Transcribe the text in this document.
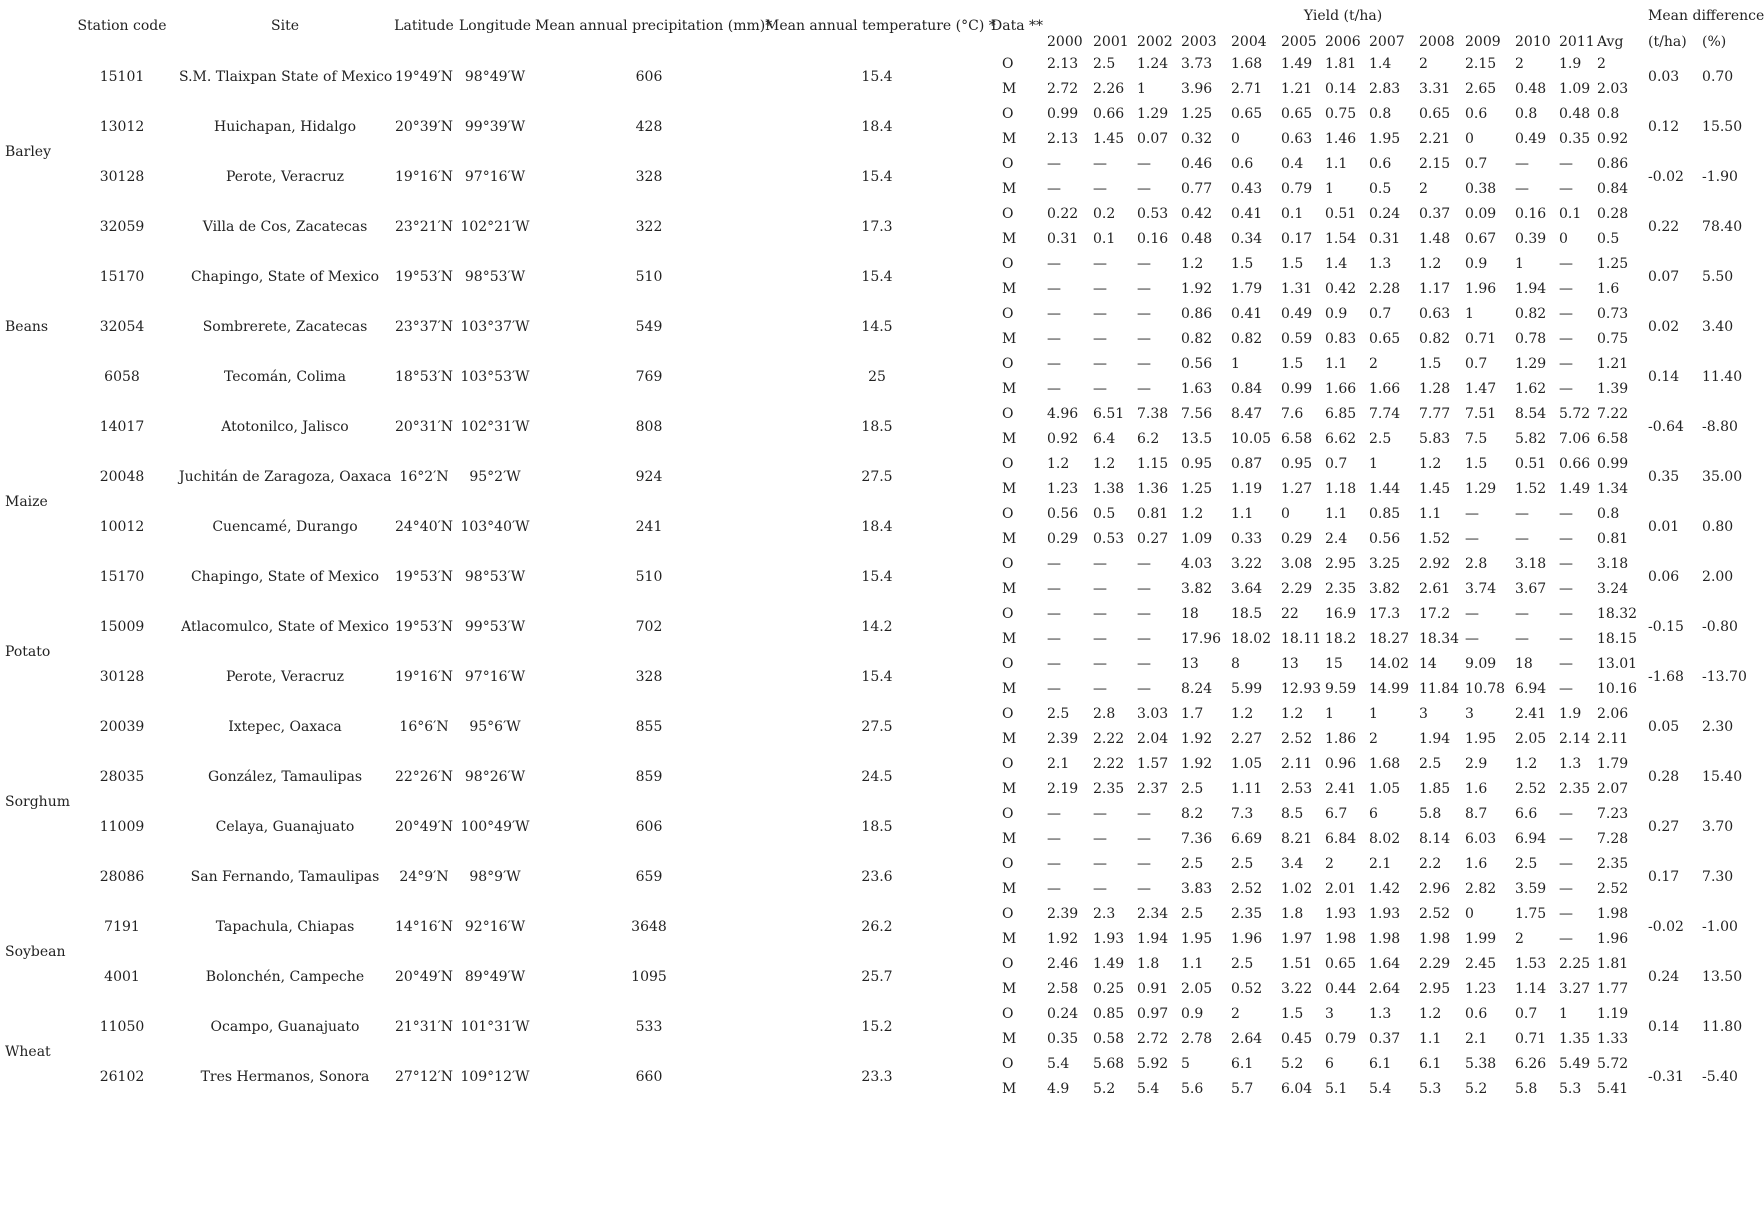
	Station code	Site	Latitude	Longitude	Mean annual precipitation (mm)*	Mean annual temperature (°C) *	Data **	Yield (t/ha)													Mean difference	
								2000	2001	2002	2003	2004	2005	2006	2007	2008	2009	2010	2011	Avg	(t/ha)	(%)
Barley	15101	S.M. Tlaixpan State of Mexico	19°49′N	98°49′W	606	15.4	O	2.13	2.5	1.24	3.73	1.68	1.49	1.81	1.4	2	2.15	2	1.9	2	0.03	0.70
							M	2.72	2.26	1	3.96	2.71	1.21	0.14	2.83	3.31	2.65	0.48	1.09	2.03		
	13012	Huichapan, Hidalgo	20°39′N	99°39′W	428	18.4	O	0.99	0.66	1.29	1.25	0.65	0.65	0.75	0.8	0.65	0.6	0.8	0.48	0.8	0.12	15.50
							M	2.13	1.45	0.07	0.32	0	0.63	1.46	1.95	2.21	0	0.49	0.35	0.92		
	30128	Perote, Veracruz	19°16′N	97°16′W	328	15.4	O	—	—	—	0.46	0.6	0.4	1.1	0.6	2.15	0.7	—	—	0.86	-0.02	-1.90
							M	—	—	—	0.77	0.43	0.79	1	0.5	2	0.38	—	—	0.84		
	32059	Villa de Cos, Zacatecas	23°21′N	102°21′W	322	17.3	O	0.22	0.2	0.53	0.42	0.41	0.1	0.51	0.24	0.37	0.09	0.16	0.1	0.28	0.22	78.40
							M	0.31	0.1	0.16	0.48	0.34	0.17	1.54	0.31	1.48	0.67	0.39	0	0.5		
Beans	15170	Chapingo, State of Mexico	19°53′N	98°53′W	510	15.4	O	—	—	—	1.2	1.5	1.5	1.4	1.3	1.2	0.9	1	—	1.25	0.07	5.50
							M	—	—	—	1.92	1.79	1.31	0.42	2.28	1.17	1.96	1.94	—	1.6		
	32054	Sombrerete, Zacatecas	23°37′N	103°37′W	549	14.5	O	—	—	—	0.86	0.41	0.49	0.9	0.7	0.63	1	0.82	—	0.73	0.02	3.40
							M	—	—	—	0.82	0.82	0.59	0.83	0.65	0.82	0.71	0.78	—	0.75		
	6058	Tecomán, Colima	18°53′N	103°53′W	769	25	O	—	—	—	0.56	1	1.5	1.1	2	1.5	0.7	1.29	—	1.21	0.14	11.40
							M	—	—	—	1.63	0.84	0.99	1.66	1.66	1.28	1.47	1.62	—	1.39		
Maize	14017	Atotonilco, Jalisco	20°31′N	102°31′W	808	18.5	O	4.96	6.51	7.38	7.56	8.47	7.6	6.85	7.74	7.77	7.51	8.54	5.72	7.22	-0.64	-8.80
							M	0.92	6.4	6.2	13.5	10.05	6.58	6.62	2.5	5.83	7.5	5.82	7.06	6.58		
	20048	Juchitán de Zaragoza, Oaxaca	16°2′N	95°2′W	924	27.5	O	1.2	1.2	1.15	0.95	0.87	0.95	0.7	1	1.2	1.5	0.51	0.66	0.99	0.35	35.00
							M	1.23	1.38	1.36	1.25	1.19	1.27	1.18	1.44	1.45	1.29	1.52	1.49	1.34		
	10012	Cuencamé, Durango	24°40′N	103°40′W	241	18.4	O	0.56	0.5	0.81	1.2	1.1	0	1.1	0.85	1.1	—	—	—	0.8	0.01	0.80
							M	0.29	0.53	0.27	1.09	0.33	0.29	2.4	0.56	1.52	—	—	—	0.81		
	15170	Chapingo, State of Mexico	19°53′N	98°53′W	510	15.4	O	—	—	—	4.03	3.22	3.08	2.95	3.25	2.92	2.8	3.18	—	3.18	0.06	2.00
							M	—	—	—	3.82	3.64	2.29	2.35	3.82	2.61	3.74	3.67	—	3.24		
Potato	15009	Atlacomulco, State of Mexico	19°53′N	99°53′W	702	14.2	O	—	—	—	18	18.5	22	16.9	17.3	17.2	—	—	—	18.32	-0.15	-0.80
							M	—	—	—	17.96	18.02	18.11	18.2	18.27	18.34	—	—	—	18.15		
	30128	Perote, Veracruz	19°16′N	97°16′W	328	15.4	O	—	—	—	13	8	13	15	14.02	14	9.09	18	—	13.01	-1.68	-13.70
							M	—	—	—	8.24	5.99	12.93	9.59	14.99	11.84	10.78	6.94	—	10.16		
Sorghum	20039	Ixtepec, Oaxaca	16°6′N	95°6′W	855	27.5	O	2.5	2.8	3.03	1.7	1.2	1.2	1	1	3	3	2.41	1.9	2.06	0.05	2.30
							M	2.39	2.22	2.04	1.92	2.27	2.52	1.86	2	1.94	1.95	2.05	2.14	2.11		
	28035	González, Tamaulipas	22°26′N	98°26′W	859	24.5	O	2.1	2.22	1.57	1.92	1.05	2.11	0.96	1.68	2.5	2.9	1.2	1.3	1.79	0.28	15.40
							M	2.19	2.35	2.37	2.5	1.11	2.53	2.41	1.05	1.85	1.6	2.52	2.35	2.07		
	11009	Celaya, Guanajuato	20°49′N	100°49′W	606	18.5	O	—	—	—	8.2	7.3	8.5	6.7	6	5.8	8.7	6.6	—	7.23	0.27	3.70
							M	—	—	—	7.36	6.69	8.21	6.84	8.02	8.14	6.03	6.94	—	7.28		
	28086	San Fernando, Tamaulipas	24°9′N	98°9′W	659	23.6	O	—	—	—	2.5	2.5	3.4	2	2.1	2.2	1.6	2.5	—	2.35	0.17	7.30
							M	—	—	—	3.83	2.52	1.02	2.01	1.42	2.96	2.82	3.59	—	2.52		
Soybean	7191	Tapachula, Chiapas	14°16′N	92°16′W	3648	26.2	O	2.39	2.3	2.34	2.5	2.35	1.8	1.93	1.93	2.52	0	1.75	—	1.98	-0.02	-1.00
							M	1.92	1.93	1.94	1.95	1.96	1.97	1.98	1.98	1.98	1.99	2	—	1.96		
	4001	Bolonchén, Campeche	20°49′N	89°49′W	1095	25.7	O	2.46	1.49	1.8	1.1	2.5	1.51	0.65	1.64	2.29	2.45	1.53	2.25	1.81	0.24	13.50
							M	2.58	0.25	0.91	2.05	0.52	3.22	0.44	2.64	2.95	1.23	1.14	3.27	1.77		
Wheat	11050	Ocampo, Guanajuato	21°31′N	101°31′W	533	15.2	O	0.24	0.85	0.97	0.9	2	1.5	3	1.3	1.2	0.6	0.7	1	1.19	0.14	11.80
							M	0.35	0.58	2.72	2.78	2.64	0.45	0.79	0.37	1.1	2.1	0.71	1.35	1.33		
	26102	Tres Hermanos, Sonora	27°12′N	109°12′W	660	23.3	O	5.4	5.68	5.92	5	6.1	5.2	6	6.1	6.1	5.38	6.26	5.49	5.72	-0.31	-5.40
							M	4.9	5.2	5.4	5.6	5.7	6.04	5.1	5.4	5.3	5.2	5.8	5.3	5.41		
